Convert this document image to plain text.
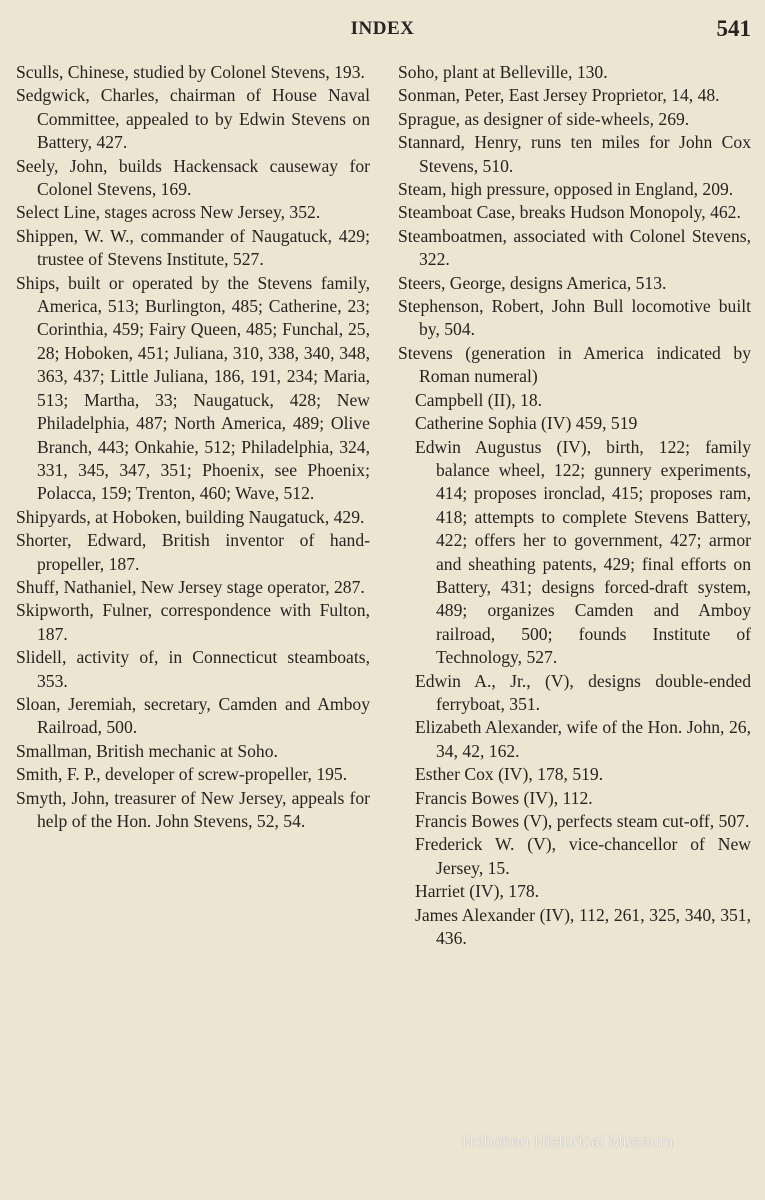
INDEX	541
Sculls, Chinese, studied by Colonel Stevens, 193.
Sedgwick, Charles, chairman of House Naval Committee, appealed to by Edwin Stevens on Battery, 427.
Seely, John, builds Hackensack causeway for Colonel Stevens, 169.
Select Line, stages across New Jersey, 352.
Shippen, W. W., commander of Naugatuck, 429; trustee of Stevens Institute, 527.
Ships, built or operated by the Stevens family, America, 513; Burlington, 485; Catherine, 23; Corinthia, 459; Fairy Queen, 485; Funchal, 25, 28; Hoboken, 451; Juliana, 310, 338, 340, 348, 363, 437; Little Juliana, 186, 191, 234; Maria, 513; Martha, 33; Naugatuck, 428; New Philadelphia, 487; North America, 489; Olive Branch, 443; Onkahie, 512; Philadelphia, 324, 331, 345, 347, 351; Phoenix, see Phoenix; Polacca, 159; Trenton, 460; Wave, 512.
Shipyards, at Hoboken, building Naugatuck, 429.
Shorter, Edward, British inventor of hand-propeller, 187.
Shuff, Nathaniel, New Jersey stage operator, 287.
Skipworth, Fulner, correspondence with Fulton, 187.
Slidell, activity of, in Connecticut steamboats, 353.
Sloan, Jeremiah, secretary, Camden and Amboy Railroad, 500.
Smallman, British mechanic at Soho.
Smith, F. P., developer of screw-propeller, 195.
Smyth, John, treasurer of New Jersey, appeals for help of the Hon. John Stevens, 52, 54.
Soho, plant at Belleville, 130.
Sonman, Peter, East Jersey Proprietor, 14, 48.
Sprague, as designer of side-wheels, 269.
Stannard, Henry, runs ten miles for John Cox Stevens, 510.
Steam, high pressure, opposed in England, 209.
Steamboat Case, breaks Hudson Monopoly, 462.
Steamboatmen, associated with Colonel Stevens, 322.
Steers, George, designs America, 513.
Stephenson, Robert, John Bull locomotive built by, 504.
Stevens (generation in America indicated by Roman numeral)
Campbell (II), 18.
Catherine Sophia (IV) 459, 519
Edwin Augustus (IV), birth, 122; family balance wheel, 122; gunnery experiments, 414; proposes ironclad, 415; proposes ram, 418; attempts to complete Stevens Battery, 422; offers her to government, 427; armor and sheathing patents, 429; final efforts on Battery, 431; designs forced-draft system, 489; organizes Camden and Amboy railroad, 500; founds Institute of Technology, 527.
Edwin A., Jr., (V), designs double-ended ferryboat, 351.
Elizabeth Alexander, wife of the Hon. John, 26, 34, 42, 162.
Esther Cox (IV), 178, 519.
Francis Bowes (IV), 112.
Francis Bowes (V), perfects steam cut-off, 507.
Frederick W. (V), vice-chancellor of New Jersey, 15.
Harriet (IV), 178.
James Alexander (IV), 112, 261, 325, 340, 351, 436.
Hoboken Historical Museum
